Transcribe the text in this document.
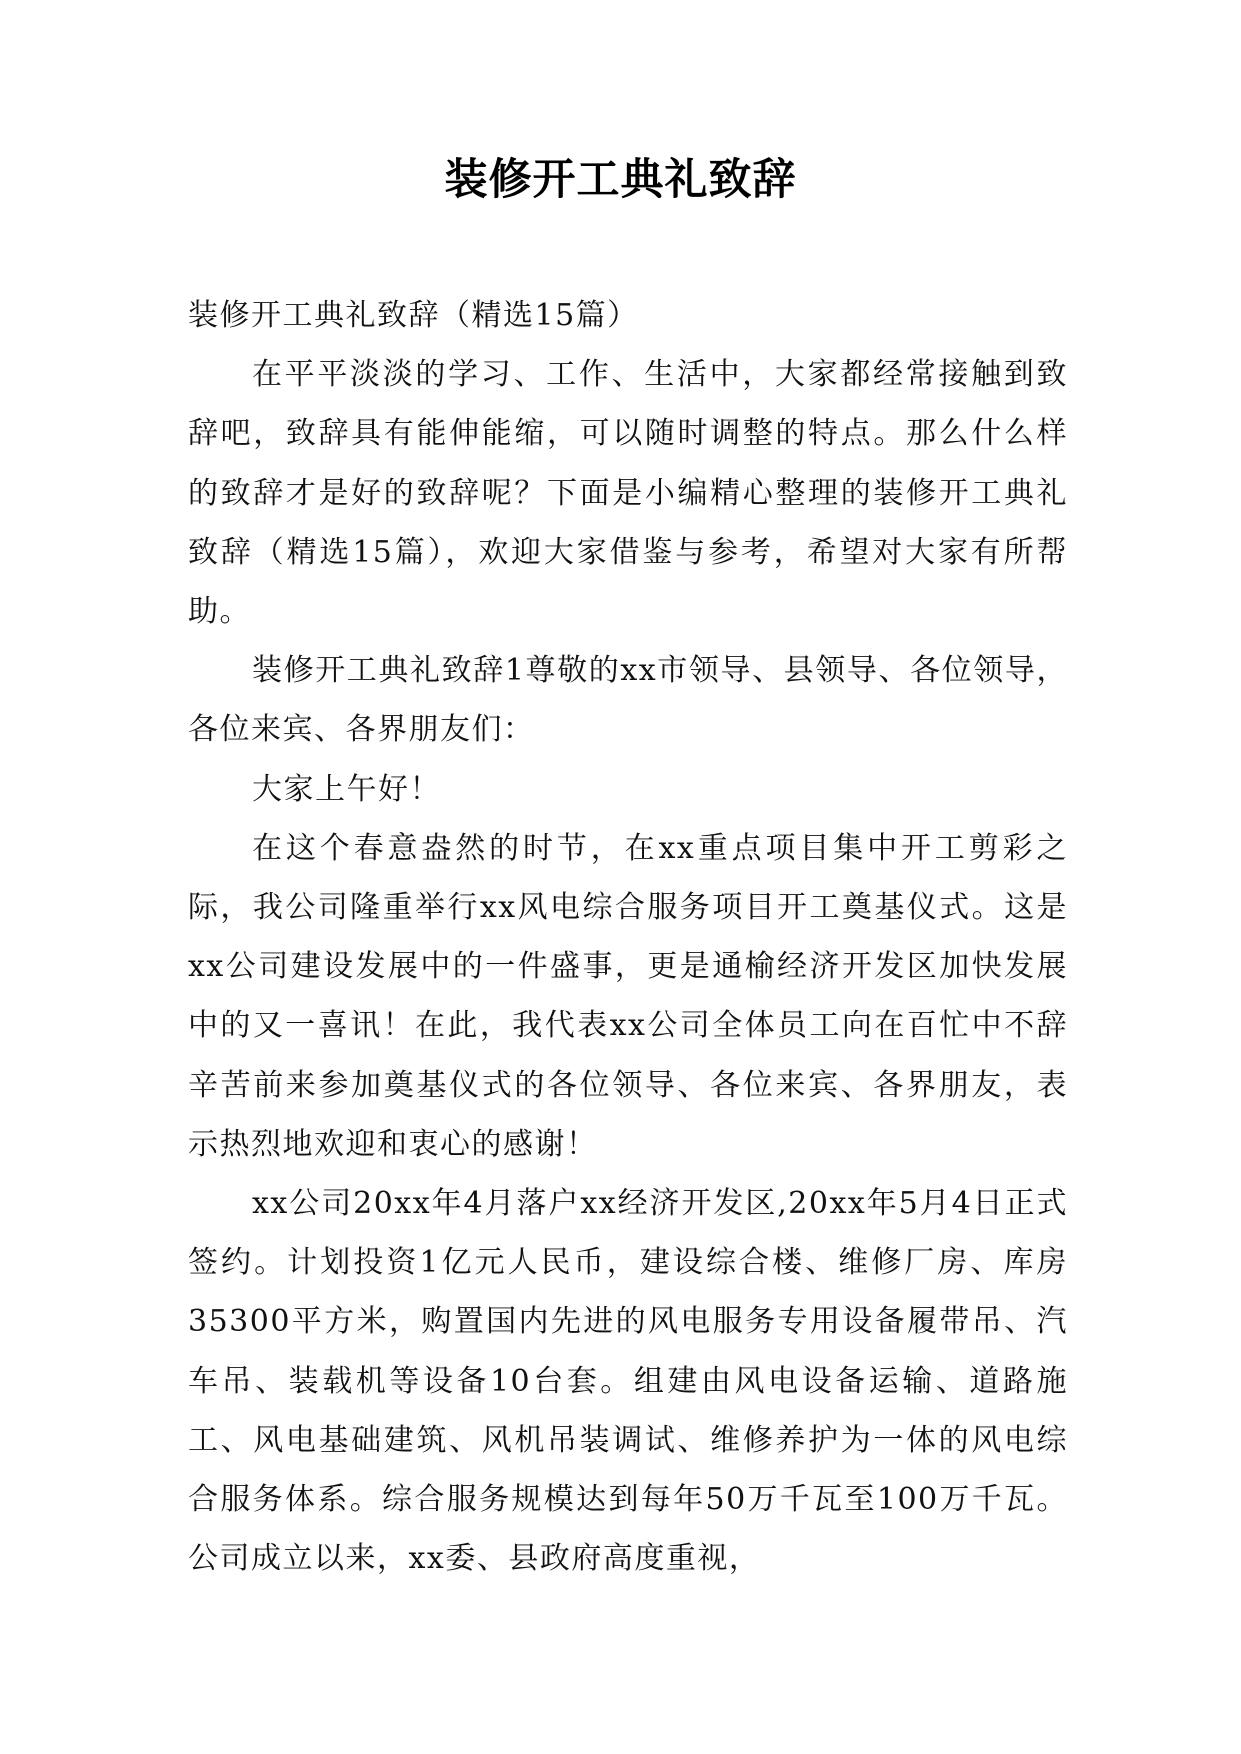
装修开工典礼致辞

装修开工典礼致辞（精选15篇）

在平平淡淡的学习、工作、生活中，大家都经常接触到致辞吧，致辞具有能伸能缩，可以随时调整的特点。那么什么样的致辞才是好的致辞呢？下面是小编精心整理的装修开工典礼致辞（精选15篇），欢迎大家借鉴与参考，希望对大家有所帮助。

装修开工典礼致辞1尊敬的xx市领导、县领导、各位领导，各位来宾、各界朋友们：

大家上午好！

在这个春意盎然的时节，在xx重点项目集中开工剪彩之际，我公司隆重举行xx风电综合服务项目开工奠基仪式。这是xx公司建设发展中的一件盛事，更是通榆经济开发区加快发展中的又一喜讯！在此，我代表xx公司全体员工向在百忙中不辞辛苦前来参加奠基仪式的各位领导、各位来宾、各界朋友，表示热烈地欢迎和衷心的感谢！

xx公司20xx年4月落户xx经济开发区,20xx年5月4日正式签约。计划投资1亿元人民币，建设综合楼、维修厂房、库房35300平方米，购置国内先进的风电服务专用设备履带吊、汽车吊、装载机等设备10台套。组建由风电设备运输、道路施工、风电基础建筑、风机吊装调试、维修养护为一体的风电综合服务体系。综合服务规模达到每年50万千瓦至100万千瓦。公司成立以来，xx委、县政府高度重视，
